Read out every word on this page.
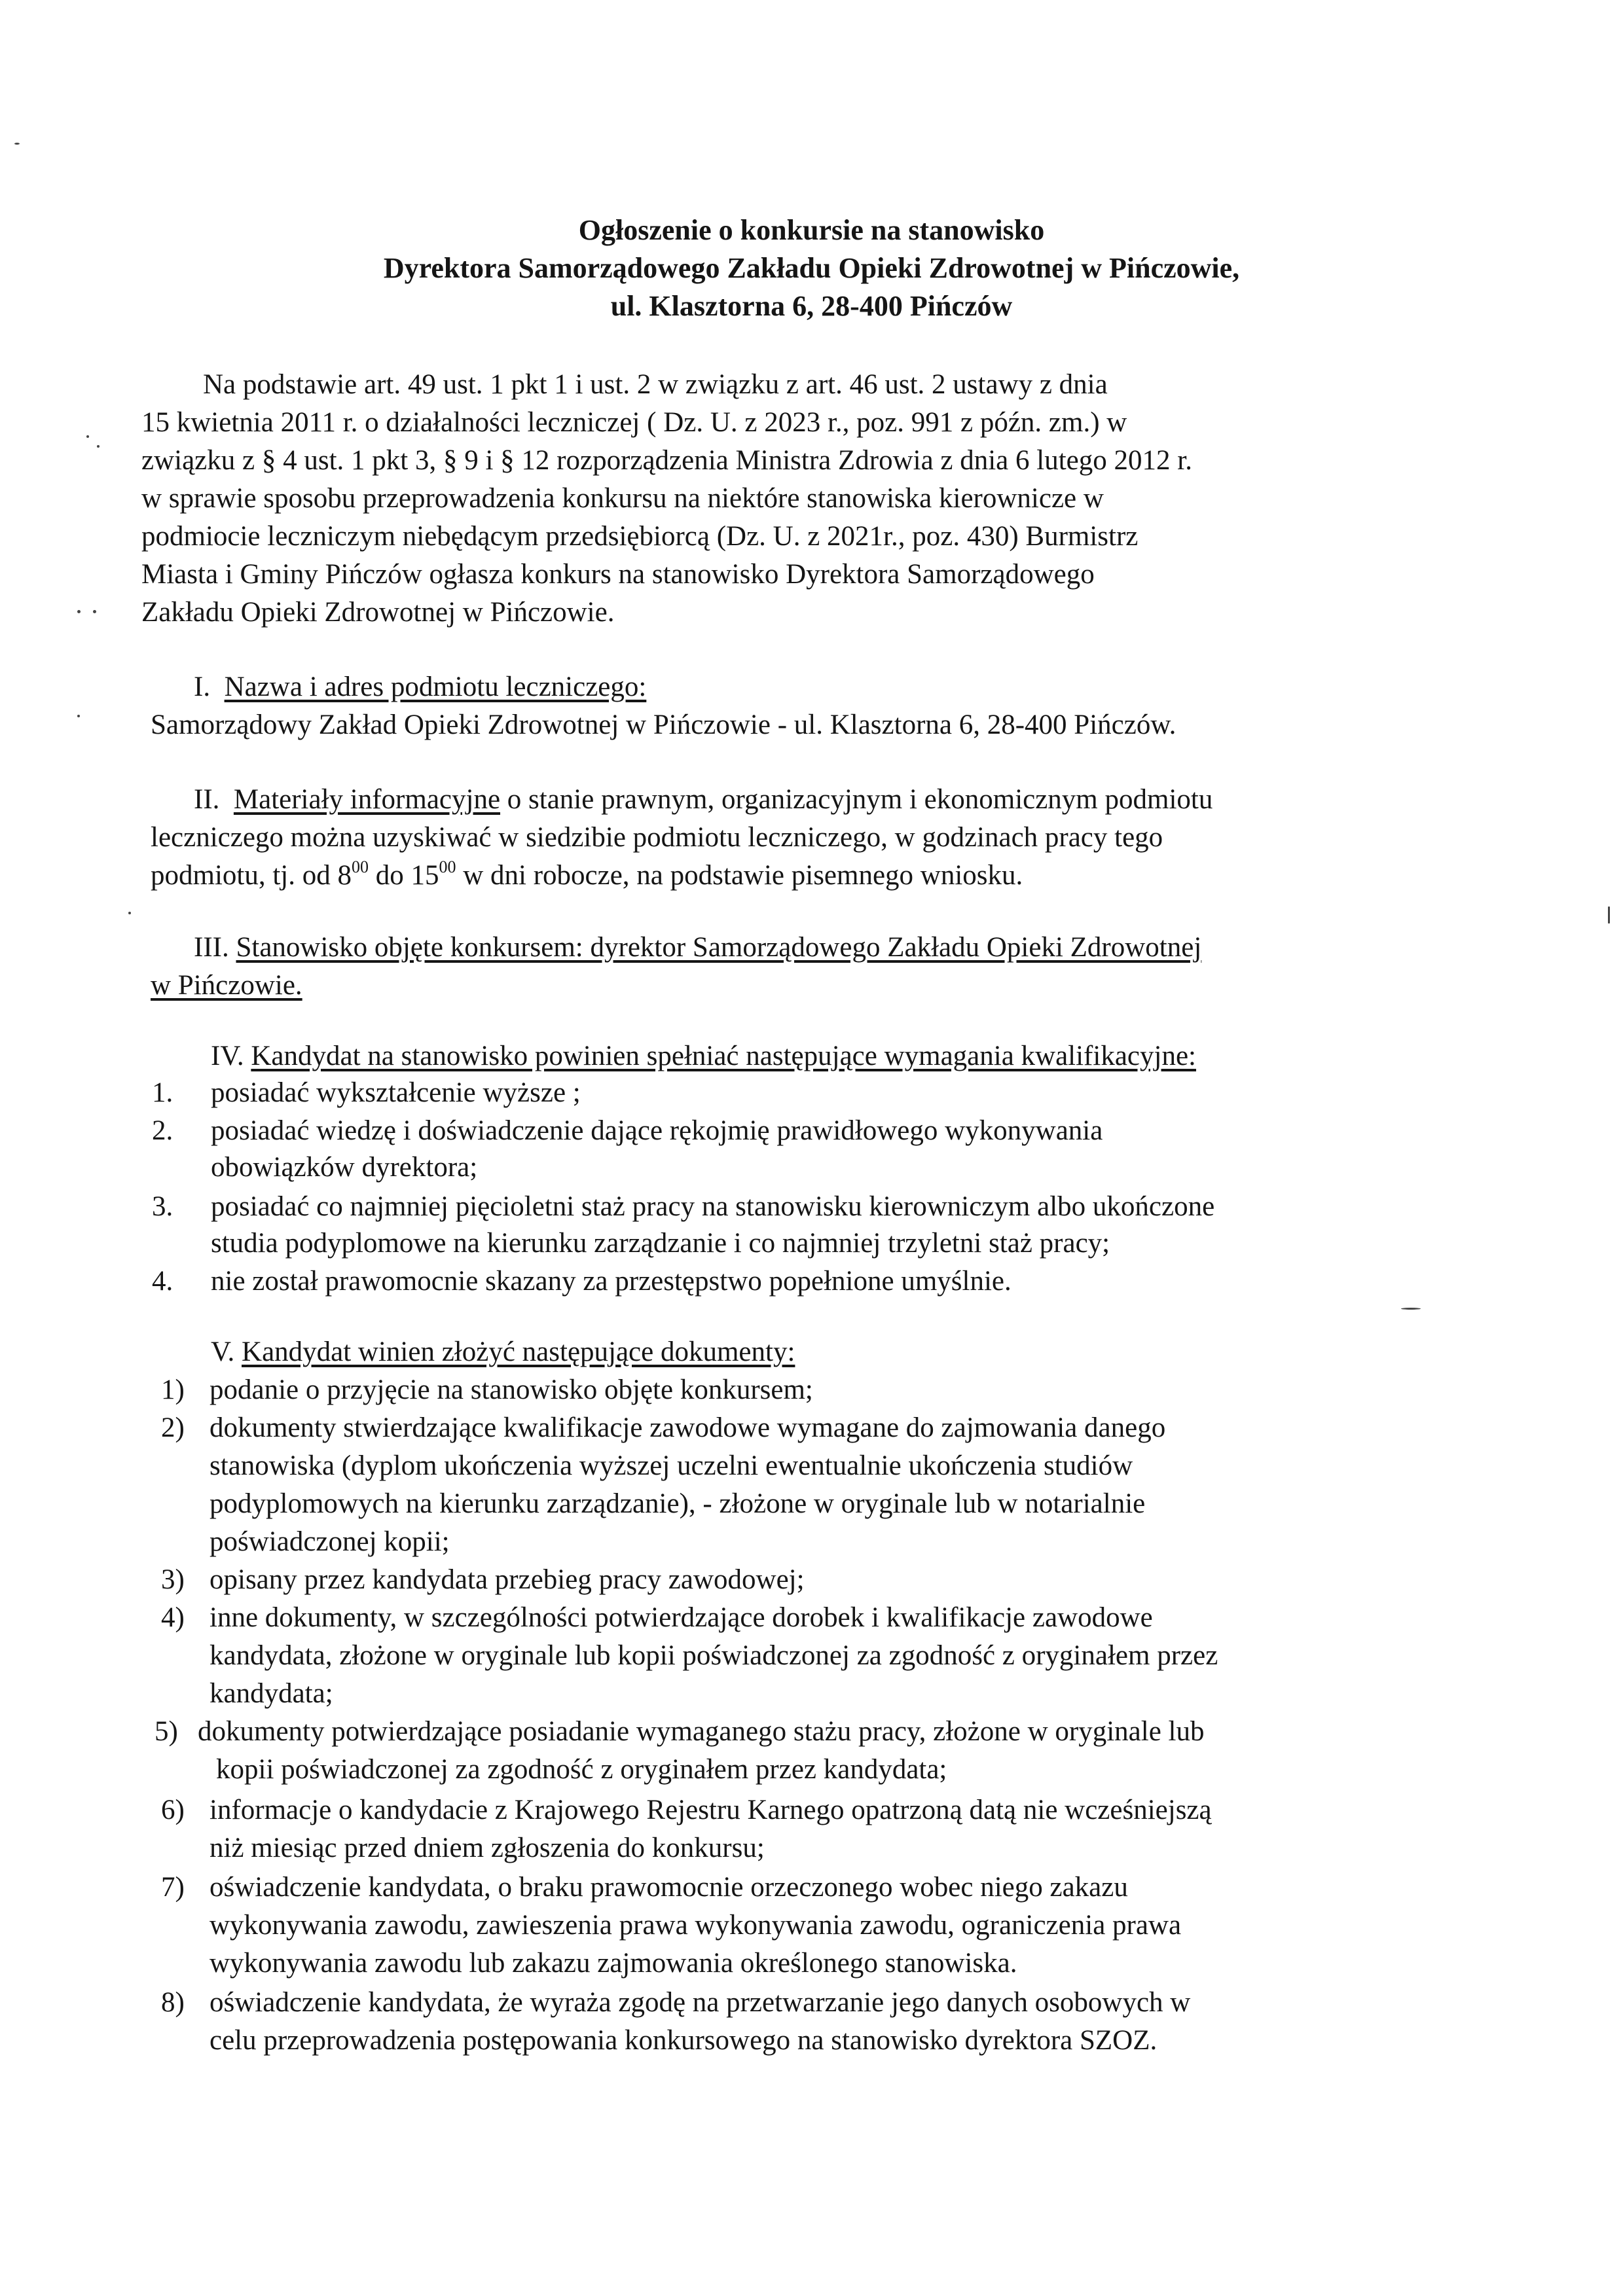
Ogłoszenie o konkursie na stanowisko
Dyrektora Samorządowego Zakładu Opieki Zdrowotnej w Pińczowie,
ul. Klasztorna 6, 28-400 Pińczów
Na podstawie art. 49 ust. 1 pkt 1 i ust. 2 w związku z art. 46 ust. 2 ustawy z dnia
15 kwietnia 2011 r. o działalności leczniczej ( Dz. U. z 2023 r., poz. 991 z późn. zm.) w
związku z § 4 ust. 1 pkt 3, § 9 i § 12 rozporządzenia Ministra Zdrowia z dnia 6 lutego 2012 r.
w sprawie sposobu przeprowadzenia konkursu na niektóre stanowiska kierownicze w
podmiocie leczniczym niebędącym przedsiębiorcą (Dz. U. z 2021r., poz. 430) Burmistrz
Miasta i Gminy Pińczów ogłasza konkurs na stanowisko Dyrektora Samorządowego
Zakładu Opieki Zdrowotnej w Pińczowie.
I. Nazwa i adres podmiotu leczniczego:
Samorządowy Zakład Opieki Zdrowotnej w Pińczowie - ul. Klasztorna 6, 28-400 Pińczów.
II. Materiały informacyjne o stanie prawnym, organizacyjnym i ekonomicznym podmiotu
leczniczego można uzyskiwać w siedzibie podmiotu leczniczego, w godzinach pracy tego
podmiotu, tj. od $8^{00}$ do $15^{00}$ w dni robocze, na podstawie pisemnego wniosku.
III. Stanowisko objęte konkursem: dyrektor Samorządowego Zakładu Opieki Zdrowotnej
w Pińczowie.
IV. Kandydat na stanowisko powinien spełniać następujące wymagania kwalifikacyjne:
1. posiadać wykształcenie wyższe ;
2. posiadać wiedzę i doświadczenie dające rękojmię prawidłowego wykonywania
obowiązków dyrektora;
3. posiadać co najmniej pięcioletni staż pracy na stanowisku kierowniczym albo ukończone
studia podyplomowe na kierunku zarządzanie i co najmniej trzyletni staż pracy;
4. nie został prawomocnie skazany za przestępstwo popełnione umyślnie.
V. Kandydat winien złożyć następujące dokumenty:
1) podanie o przyjęcie na stanowisko objęte konkursem;
2) dokumenty stwierdzające kwalifikacje zawodowe wymagane do zajmowania danego
stanowiska (dyplom ukończenia wyższej uczelni ewentualnie ukończenia studiów
podyplomowych na kierunku zarządzanie), - złożone w oryginale lub w notarialnie
poświadczonej kopii;
3) opisany przez kandydata przebieg pracy zawodowej;
4) inne dokumenty, w szczególności potwierdzające dorobek i kwalifikacje zawodowe
kandydata, złożone w oryginale lub kopii poświadczonej za zgodność z oryginałem przez
kandydata;
5) dokumenty potwierdzające posiadanie wymaganego stażu pracy, złożone w oryginale lub
kopii poświadczonej za zgodność z oryginałem przez kandydata;
6) informacje o kandydacie z Krajowego Rejestru Karnego opatrzoną datą nie wcześniejszą
niż miesiąc przed dniem zgłoszenia do konkursu;
7) oświadczenie kandydata, o braku prawomocnie orzeczonego wobec niego zakazu
wykonywania zawodu, zawieszenia prawa wykonywania zawodu, ograniczenia prawa
wykonywania zawodu lub zakazu zajmowania określonego stanowiska.
8) oświadczenie kandydata, że wyraża zgodę na przetwarzanie jego danych osobowych w
celu przeprowadzenia postępowania konkursowego na stanowisko dyrektora SZOZ.
